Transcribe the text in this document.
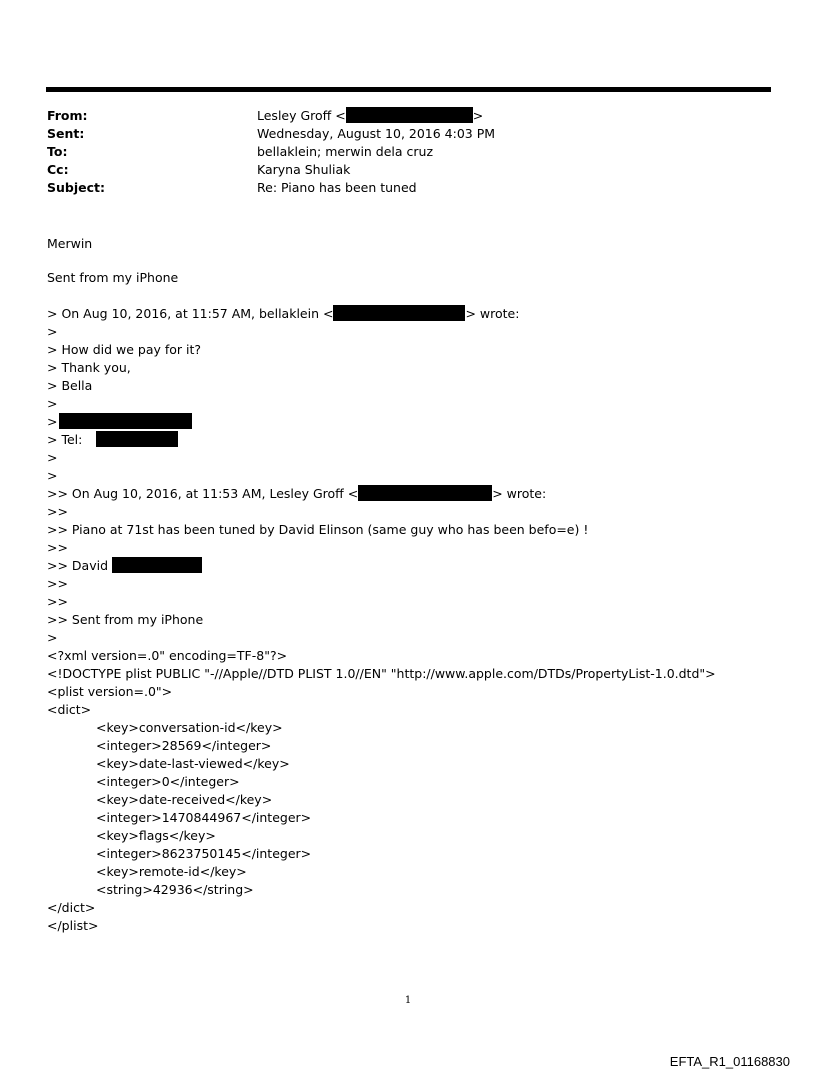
From:	Lesley Groff <	>
Sent:	Wednesday, August 10, 2016 4:03 PM
To:	bellaklein; merwin dela cruz
Cc:	Karyna Shuliak
Subject:	Re: Piano has been tuned
Merwin
Sent from my iPhone
> On Aug 10, 2016, at 11:57 AM, bellaklein <	> wrote:
>
> How did we pay for it?
> Thank you,
> Bella
>
>
> Tel:
>
>
>> On Aug 10, 2016, at 11:53 AM, Lesley Groff <	> wrote:
>>
>> Piano at 71st has been tuned by David Elinson (same guy who has been befo=e) !
>>
>> David
>>
>>
>> Sent from my iPhone
>
<?xml version=.0" encoding=TF-8"?>
<!DOCTYPE plist PUBLIC "-//Apple//DTD PLIST 1.0//EN" "http://www.apple.com/DTDs/PropertyList-1.0.dtd">
<plist version=.0">
<dict>
<key>conversation-id</key>
<integer>28569</integer>
<key>date-last-viewed</key>
<integer>0</integer>
<key>date-received</key>
<integer>1470844967</integer>
<key>flags</key>
<integer>8623750145</integer>
<key>remote-id</key>
<string>42936</string>
</dict>
</plist>
1
EFTA_R1_01168830
